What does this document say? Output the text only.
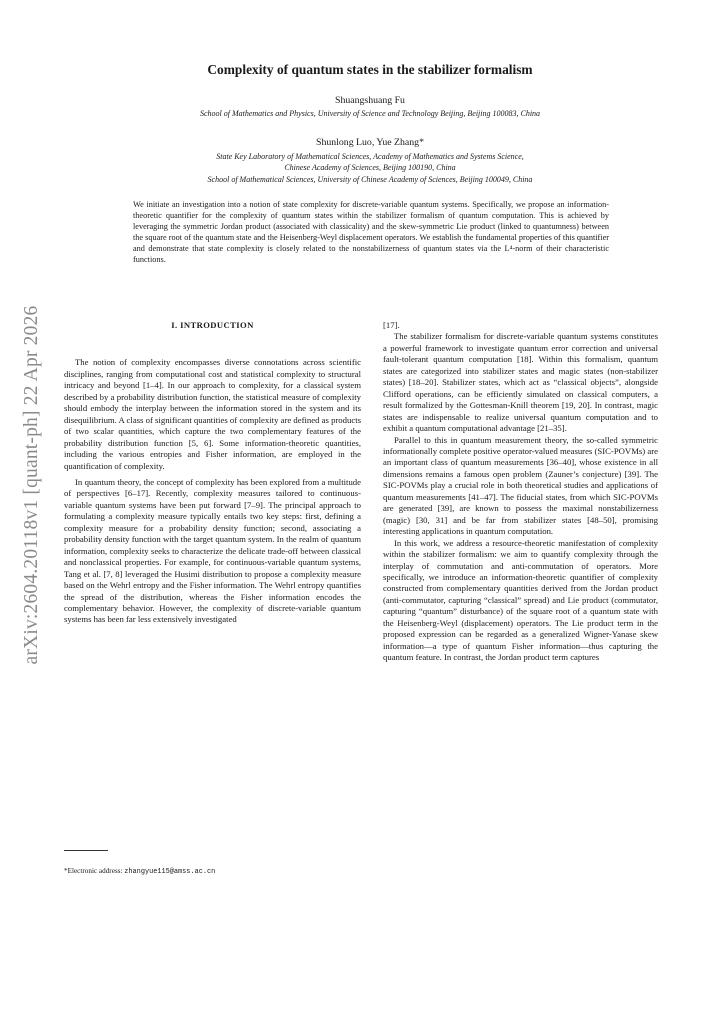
arXiv:2604.20118v1 [quant-ph] 22 Apr 2026
Complexity of quantum states in the stabilizer formalism
Shuangshuang Fu
School of Mathematics and Physics, University of Science and Technology Beijing, Beijing 100083, China
Shunlong Luo, Yue Zhang*
State Key Laboratory of Mathematical Sciences, Academy of Mathematics and Systems Science,
Chinese Academy of Sciences, Beijing 100190, China
School of Mathematical Sciences, University of Chinese Academy of Sciences, Beijing 100049, China
We initiate an investigation into a notion of state complexity for discrete-variable quantum systems. Specifically, we propose an information-theoretic quantifier for the complexity of quantum states within the stabilizer formalism of quantum computation. This is achieved by leveraging the symmetric Jordan product (associated with classicality) and the skew-symmetric Lie product (linked to quantumness) between the square root of the quantum state and the Heisenberg-Weyl displacement operators. We establish the fundamental properties of this quantifier and demonstrate that state complexity is closely related to the nonstabilizerness of quantum states via the L⁴-norm of their characteristic functions.
I. INTRODUCTION

The notion of complexity encompasses diverse connotations across scientific disciplines, ranging from computational cost and statistical complexity to structural intricacy and beyond [1–4]. In our approach to complexity, for a classical system described by a probability distribution function, the statistical measure of complexity should embody the interplay between the information stored in the system and its disequilibrium. A class of significant quantities of complexity are defined as products of two scalar quantities, which capture the two complementary features of the probability distribution function [5, 6]. Some information-theoretic quantities, including the various entropies and Fisher information, are employed in the quantification of complexity.

In quantum theory, the concept of complexity has been explored from a multitude of perspectives [6–17]. Recently, complexity measures tailored to continuous-variable quantum systems have been put forward [7–9]. The principal approach to formulating a complexity measure typically entails two key steps: first, defining a complexity measure for a probability density function; second, associating a probability density function with the target quantum system. In the realm of quantum information, complexity seeks to characterize the delicate trade-off between classical and nonclassical properties. For example, for continuous-variable quantum systems, Tang et al. [7, 8] leveraged the Husimi distribution to propose a complexity measure based on the Wehrl entropy and the Fisher information. The Wehrl entropy quantifies the spread of the distribution, whereas the Fisher information encodes the complementary behavior. However, the complexity of discrete-variable quantum systems has been far less extensively investigated

[17].

The stabilizer formalism for discrete-variable quantum systems constitutes a powerful framework to investigate quantum error correction and universal fault-tolerant quantum computation [18]. Within this formalism, quantum states are categorized into stabilizer states and magic states (non-stabilizer states) [18–20]. Stabilizer states, which act as “classical objects”, alongside Clifford operations, can be efficiently simulated on classical computers, a result formalized by the Gottesman-Knill theorem [19, 20]. In contrast, magic states are indispensable to realize universal quantum computation and to exhibit a quantum computational advantage [21–35].

Parallel to this in quantum measurement theory, the so-called symmetric informationally complete positive operator-valued measures (SIC-POVMs) are an important class of quantum measurements [36–40], whose existence in all dimensions remains a famous open problem (Zauner’s conjecture) [39]. The SIC-POVMs play a crucial role in both theoretical studies and applications of quantum measurements [41–47]. The fiducial states, from which SIC-POVMs are generated [39], are known to possess the maximal nonstabilizerness (magic) [30, 31] and be far from stabilizer states [48–50], promising interesting applications in quantum computation.

In this work, we address a resource-theoretic manifestation of complexity within the stabilizer formalism: we aim to quantify complexity through the interplay of commutation and anti-commutation of operators. More specifically, we introduce an information-theoretic quantifier of complexity constructed from complementary quantities derived from the Jordan product (anti-commutator, capturing “classical” spread) and Lie product (commutator, capturing “quantum” disturbance) of the square root of a quantum state with the Heisenberg-Weyl (displacement) operators. The Lie product term in the proposed expression can be regarded as a generalized Wigner-Yanase skew information—a type of quantum Fisher information—thus capturing the quantum feature. In contrast, the Jordan product term captures

*Electronic address: zhangyue115@amss.ac.cn
